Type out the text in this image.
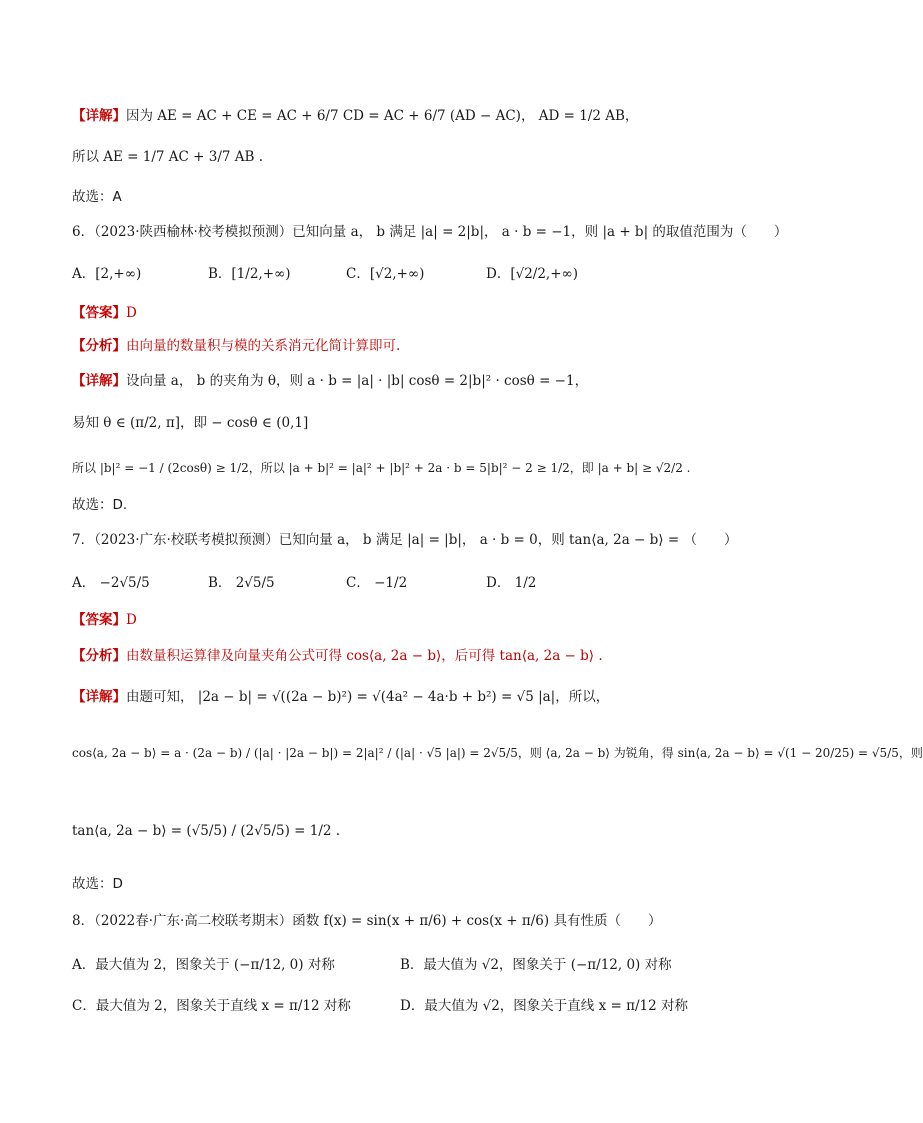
【详解】因为 AE = AC + CE = AC + 6/7 CD = AC + 6/7 (AD − AC)， AD = 1/2 AB，
所以 AE = 1/7 AC + 3/7 AB .
故选：A
6．（2023·陕西榆林·校考模拟预测）已知向量 a， b 满足 |a| = 2|b|， a · b = −1，则 |a + b| 的取值范围为（　　）
A．[2,+∞)	B．[1/2,+∞)	C．[√2,+∞)	D．[√2/2,+∞)
【答案】D
【分析】由向量的数量积与模的关系消元化简计算即可.
【详解】设向量 a， b 的夹角为 θ，则 a · b = |a| · |b| cosθ = 2|b|² · cosθ = −1，
易知 θ ∈ (π/2, π]，即 − cosθ ∈ (0,1]
所以 |b|² = −1 / (2cosθ) ≥ 1/2，所以 |a + b|² = |a|² + |b|² + 2a · b = 5|b|² − 2 ≥ 1/2，即 |a + b| ≥ √2/2 .
故选：D.
7．（2023·广东·校联考模拟预测）已知向量 a， b 满足 |a| = |b|， a · b = 0，则 tan⟨a, 2a − b⟩ = （　　）
A． −2√5/5	B． 2√5/5	C． −1/2	D． 1/2
【答案】D
【分析】由数量积运算律及向量夹角公式可得 cos⟨a, 2a − b⟩，后可得 tan⟨a, 2a − b⟩ .
【详解】由题可知， |2a − b| = √((2a − b)²) = √(4a² − 4a·b + b²) = √5 |a|，所以，
cos⟨a, 2a − b⟩ = a · (2a − b) / (|a| · |2a − b|) = 2|a|² / (|a| · √5 |a|) = 2√5/5，则 ⟨a, 2a − b⟩ 为锐角，得 sin⟨a, 2a − b⟩ = √(1 − 20/25) = √5/5，则
tan⟨a, 2a − b⟩ = (√5/5) / (2√5/5) = 1/2 .
故选：D
8．（2022春·广东·高二校联考期末）函数 f(x) = sin(x + π/6) + cos(x + π/6) 具有性质（　　）
A．最大值为 2，图象关于 (−π/12, 0) 对称	B．最大值为 √2，图象关于 (−π/12, 0) 对称
C．最大值为 2，图象关于直线 x = π/12 对称	D．最大值为 √2，图象关于直线 x = π/12 对称
